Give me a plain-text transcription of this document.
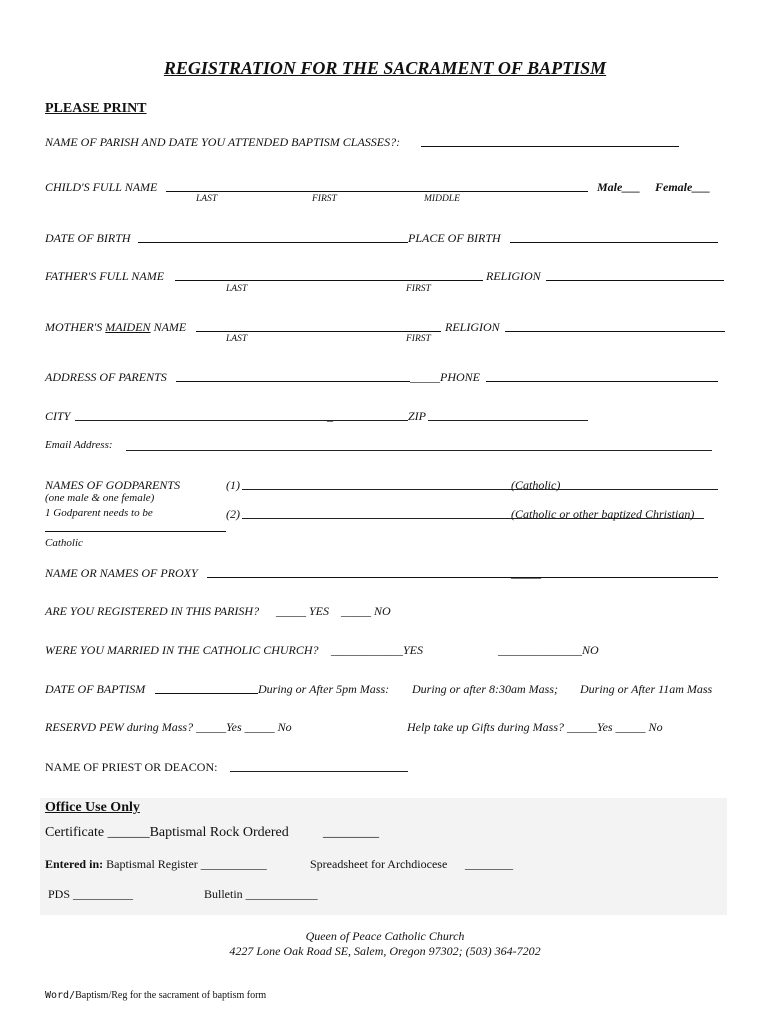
REGISTRATION FOR THE SACRAMENT OF BAPTISM
PLEASE PRINT
NAME OF PARISH AND DATE YOU ATTENDED BAPTISM CLASSES?:
CHILD'S FULL NAME	Male___ Female___
LAST	FIRST	MIDDLE
DATE OF BIRTH	PLACE OF BIRTH
FATHER'S FULL NAME	RELIGION
LAST	FIRST
MOTHER'S MAIDEN NAME	RELIGION
LAST	FIRST
ADDRESS OF PARENTS	_____PHONE
CITY	_	ZIP
Email Address:
NAMES OF GODPARENTS
(one male & one female)
1 Godparent needs to be
Catholic
(1)	(Catholic)
(2)	(Catholic or other baptized Christian)
NAME OR NAMES OF PROXY	_____
ARE YOU REGISTERED IN THIS PARISH? _____ YES _____ NO
WERE YOU MARRIED IN THE CATHOLIC CHURCH? ____________YES	______________NO
DATE OF BAPTISM	During or After 5pm Mass: During or after 8:30am Mass; During or After 11am Mass
RESERVD PEW during Mass? _____Yes _____ No	Help take up Gifts during Mass? _____Yes _____ No
NAME OF PRIEST OR DEACON:
Office Use Only
Certificate ______Baptismal Rock Ordered ________
Entered in: Baptismal Register ___________	Spreadsheet for Archdiocese ________
PDS __________	Bulletin ____________
Queen of Peace Catholic Church
4227 Lone Oak Road SE, Salem, Oregon 97302; (503) 364-7202
Word/Baptism/Reg for the sacrament of baptism form
